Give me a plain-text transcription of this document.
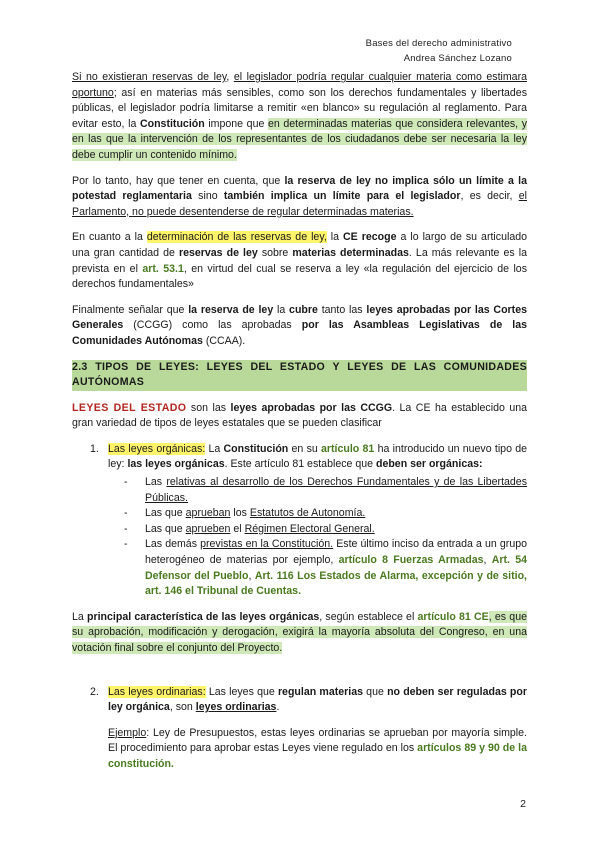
Bases del derecho administrativo
Andrea Sánchez Lozano

Si no existieran reservas de ley, el legislador podría regular cualquier materia como estimara oportuno; así en materias más sensibles, como son los derechos fundamentales y libertades públicas, el legislador podría limitarse a remitir «en blanco» su regulación al reglamento. Para evitar esto, la Constitución impone que en determinadas materias que considera relevantes, y en las que la intervención de los representantes de los ciudadanos debe ser necesaria la ley debe cumplir un contenido mínimo.

Por lo tanto, hay que tener en cuenta, que la reserva de ley no implica sólo un límite a la potestad reglamentaria sino también implica un límite para el legislador, es decir, el Parlamento, no puede desentenderse de regular determinadas materias.

En cuanto a la determinación de las reservas de ley, la CE recoge a lo largo de su articulado una gran cantidad de reservas de ley sobre materias determinadas. La más relevante es la prevista en el art. 53.1, en virtud del cual se reserva a ley «la regulación del ejercicio de los derechos fundamentales»

Finalmente señalar que la reserva de ley la cubre tanto las leyes aprobadas por las Cortes Generales (CCGG) como las aprobadas por las Asambleas Legislativas de las Comunidades Autónomas (CCAA).

2.3 TIPOS DE LEYES: LEYES DEL ESTADO Y LEYES DE LAS COMUNIDADES AUTÓNOMAS

LEYES DEL ESTADO son las leyes aprobadas por las CCGG. La CE ha establecido una gran variedad de tipos de leyes estatales que se pueden clasificar

1. Las leyes orgánicas: La Constitución en su artículo 81 ha introducido un nuevo tipo de ley: las leyes orgánicas. Este artículo 81 establece que deben ser orgánicas:
- Las relativas al desarrollo de los Derechos Fundamentales y de las Libertades Públicas.
- Las que aprueban los Estatutos de Autonomía.
- Las que aprueben el Régimen Electoral General.
- Las demás previstas en la Constitución. Este último inciso da entrada a un grupo heterogéneo de materias por ejemplo, artículo 8 Fuerzas Armadas, Art. 54 Defensor del Pueblo, Art. 116 Los Estados de Alarma, excepción y de sitio, art. 146 el Tribunal de Cuentas.

La principal característica de las leyes orgánicas, según establece el artículo 81 CE, es que su aprobación, modificación y derogación, exigirá la mayoría absoluta del Congreso, en una votación final sobre el conjunto del Proyecto.

2. Las leyes ordinarias: Las leyes que regulan materias que no deben ser reguladas por ley orgánica, son leyes ordinarias.
Ejemplo: Ley de Presupuestos, estas leyes ordinarias se aprueban por mayoría simple. El procedimiento para aprobar estas Leyes viene regulado en los artículos 89 y 90 de la constitución.
2
